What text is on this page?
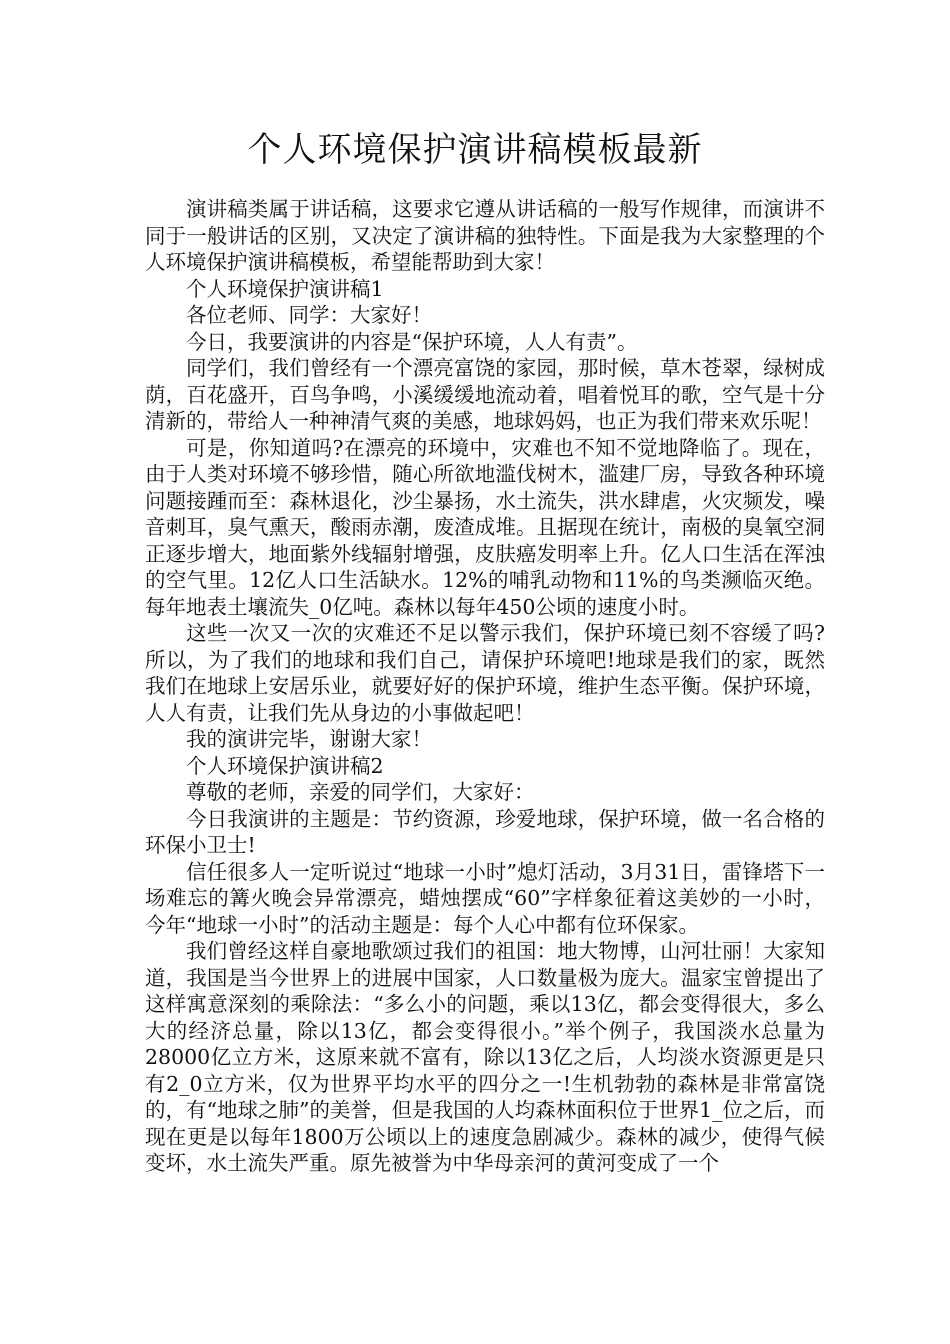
个人环境保护演讲稿模板最新

演讲稿类属于讲话稿，这要求它遵从讲话稿的一般写作规律，而演讲不同于一般讲话的区别，又决定了演讲稿的独特性。下面是我为大家整理的个人环境保护演讲稿模板，希望能帮助到大家！

个人环境保护演讲稿1

各位老师、同学：大家好！

今日，我要演讲的内容是“保护环境，人人有责”。

同学们，我们曾经有一个漂亮富饶的家园，那时候，草木苍翠，绿树成荫，百花盛开，百鸟争鸣，小溪缓缓地流动着，唱着悦耳的歌，空气是十分清新的，带给人一种神清气爽的美感，地球妈妈，也正为我们带来欢乐呢！

可是，你知道吗?在漂亮的环境中，灾难也不知不觉地降临了。现在，由于人类对环境不够珍惜，随心所欲地滥伐树木，滥建厂房，导致各种环境问题接踵而至：森林退化，沙尘暴扬，水土流失，洪水肆虐，火灾频发，噪音刺耳，臭气熏天，酸雨赤潮，废渣成堆。且据现在统计，南极的臭氧空洞正逐步增大，地面紫外线辐射增强，皮肤癌发明率上升。亿人口生活在浑浊的空气里。12亿人口生活缺水。12%的哺乳动物和11%的鸟类濒临灭绝。每年地表土壤流失_0亿吨。森林以每年450公顷的速度小时。

这些一次又一次的灾难还不足以警示我们，保护环境已刻不容缓了吗?所以，为了我们的地球和我们自己，请保护环境吧!地球是我们的家，既然我们在地球上安居乐业，就要好好的保护环境，维护生态平衡。保护环境，人人有责，让我们先从身边的小事做起吧！

我的演讲完毕，谢谢大家！

个人环境保护演讲稿2

尊敬的老师，亲爱的同学们，大家好：

今日我演讲的主题是：节约资源，珍爱地球，保护环境，做一名合格的环保小卫士!

信任很多人一定听说过“地球一小时”熄灯活动，3月31日，雷锋塔下一场难忘的篝火晚会异常漂亮，蜡烛摆成“60”字样象征着这美妙的一小时，今年“地球一小时”的活动主题是：每个人心中都有位环保家。

我们曾经这样自豪地歌颂过我们的祖国：地大物博，山河壮丽！大家知道，我国是当今世界上的进展中国家，人口数量极为庞大。温家宝曾提出了这样寓意深刻的乘除法：“多么小的问题，乘以13亿，都会变得很大，多么大的经济总量，除以13亿，都会变得很小。”举个例子，我国淡水总量为28000亿立方米，这原来就不富有，除以13亿之后，人均淡水资源更是只有2_0立方米，仅为世界平均水平的四分之一!生机勃勃的森林是非常富饶的，有“地球之肺”的美誉，但是我国的人均森林面积位于世界1_位之后，而现在更是以每年1800万公顷以上的速度急剧减少。森林的减少，使得气候变坏，水土流失严重。原先被誉为中华母亲河的黄河变成了一个
